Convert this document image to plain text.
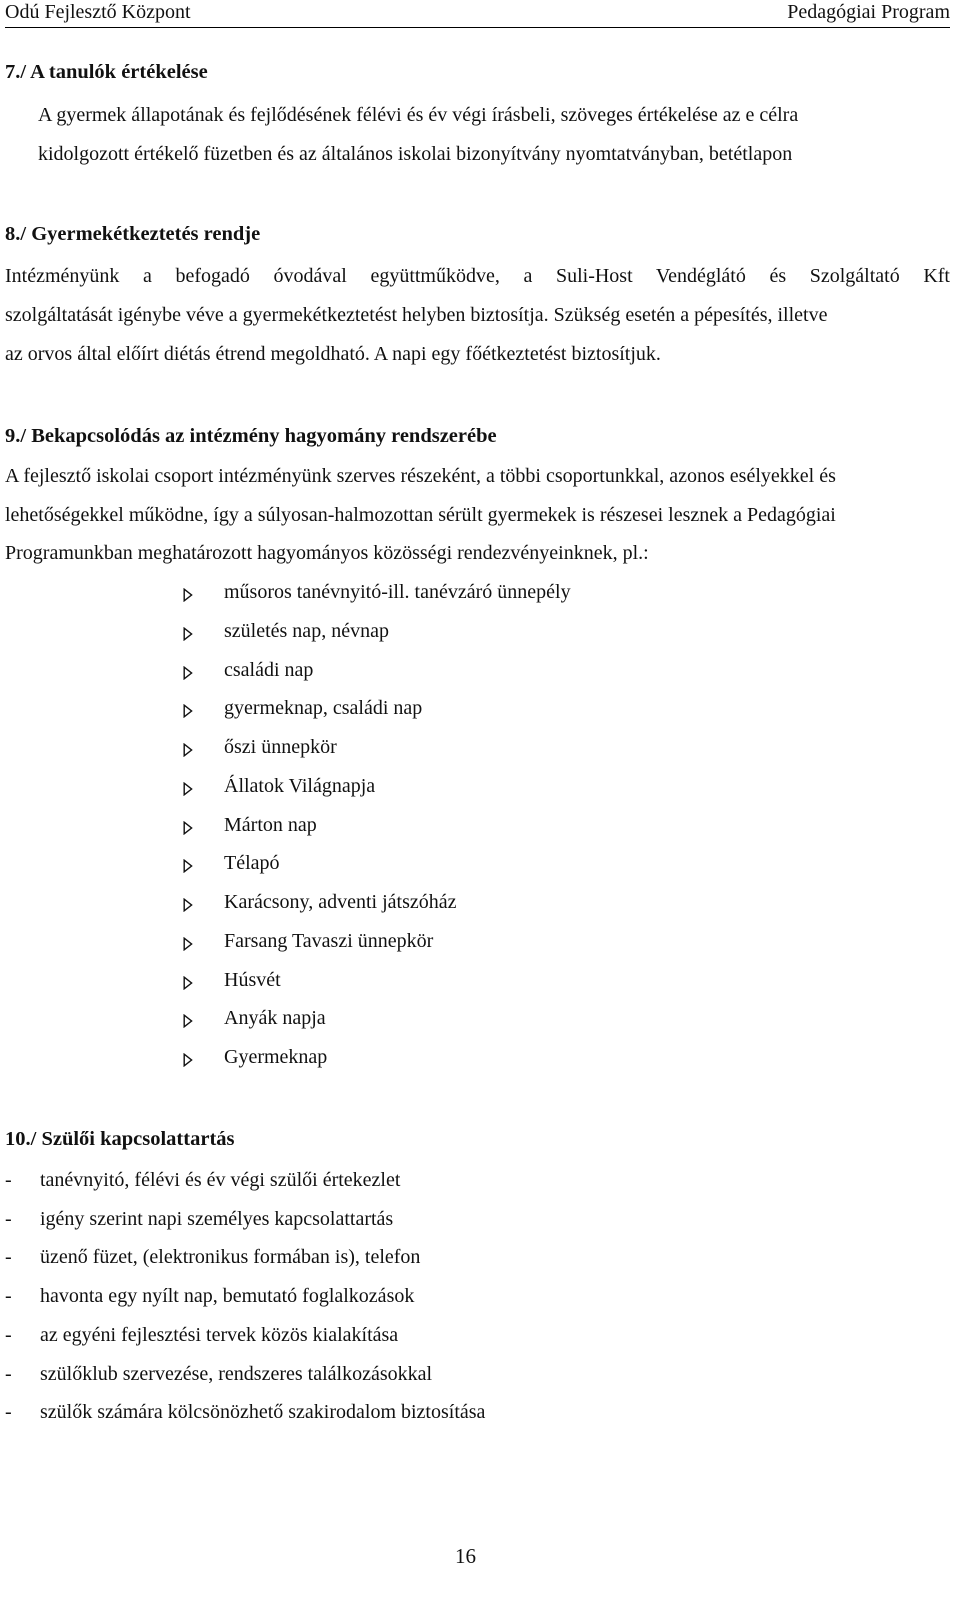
Odú Fejlesztő Központ	Pedagógiai Program
7./ A tanulók értékelése
A gyermek állapotának és fejlődésének félévi és év végi írásbeli, szöveges értékelése az e célra
kidolgozott értékelő füzetben és az általános iskolai bizonyítvány nyomtatványban, betétlapon
8./ Gyermekétkeztetés rendje
Intézményünk a befogadó óvodával együttműködve, a Suli-Host Vendéglátó és Szolgáltató Kft
szolgáltatását igénybe véve a gyermekétkeztetést helyben biztosítja. Szükség esetén a pépesítés, illetve
az orvos által előírt diétás étrend megoldható. A napi egy főétkeztetést biztosítjuk.
9./ Bekapcsolódás az intézmény hagyomány rendszerébe
A fejlesztő iskolai csoport intézményünk szerves részeként, a többi csoportunkkal, azonos esélyekkel és
lehetőségekkel működne, így a súlyosan-halmozottan sérült gyermekek is részesei lesznek a Pedagógiai
Programunkban meghatározott hagyományos közösségi rendezvényeinknek, pl.:
műsoros tanévnyitó-ill. tanévzáró ünnepély
születés nap, névnap
családi nap
gyermeknap, családi nap
őszi ünnepkör
Állatok Világnapja
Márton nap
Télapó
Karácsony, adventi játszóház
Farsang Tavaszi ünnepkör
Húsvét
Anyák napja
Gyermeknap
10./ Szülői kapcsolattartás
- tanévnyitó, félévi és év végi szülői értekezlet
- igény szerint napi személyes kapcsolattartás
- üzenő füzet, (elektronikus formában is), telefon
- havonta egy nyílt nap, bemutató foglalkozások
- az egyéni fejlesztési tervek közös kialakítása
- szülőklub szervezése, rendszeres találkozásokkal
- szülők számára kölcsönözhető szakirodalom biztosítása
16
